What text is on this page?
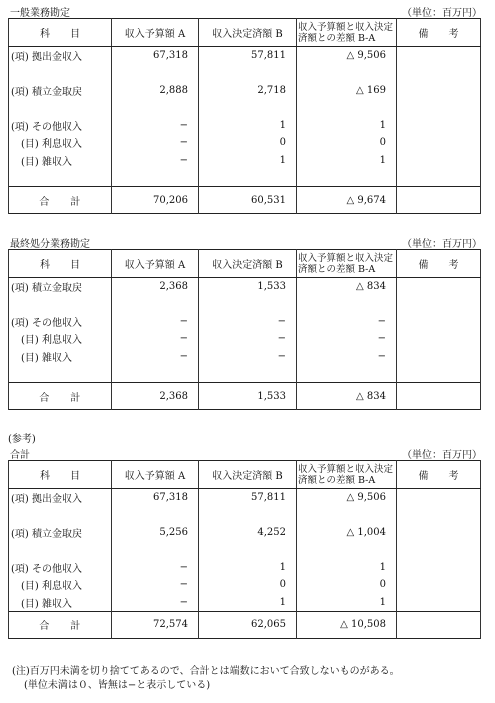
一般業務勘定	（単位：百万円）
科　　目	収入予算額 A	収入決定済額 B	収入予算額と収入決定済額との差額 B-A	備　　考
(項) 拠出金収入	67,318	57,811	△ 9,506	

(項) 積立金取戻	2,888	2,718	△ 169	

(項) その他収入	−	1	1	
　(目) 利息収入	−	0	0	
　(目) 雑収入	−	1	1	

合　　計	70,206	60,531	△ 9,674	
最終処分業務勘定	（単位：百万円）
科　　目	収入予算額 A	収入決定済額 B	収入予算額と収入決定済額との差額 B-A	備　　考
(項) 積立金取戻	2,368	1,533	△ 834	

(項) その他収入	−	−	−	
　(目) 利息収入	−	−	−	
　(目) 雑収入	−	−	−	

合　　計	2,368	1,533	△ 834	
(参考)
合計	（単位：百万円）
科　　目	収入予算額 A	収入決定済額 B	収入予算額と収入決定済額との差額 B-A	備　　考
(項) 拠出金収入	67,318	57,811	△ 9,506	

(項) 積立金取戻	5,256	4,252	△ 1,004	

(項) その他収入	−	1	1	
　(目) 利息収入	−	0	0	
　(目) 雑収入	−	1	1	
合　　計	72,574	62,065	△ 10,508	
(注)百万円未満を切り捨ててあるので、合計とは端数において合致しないものがある。
(単位未満は０、皆無は−と表示している)
